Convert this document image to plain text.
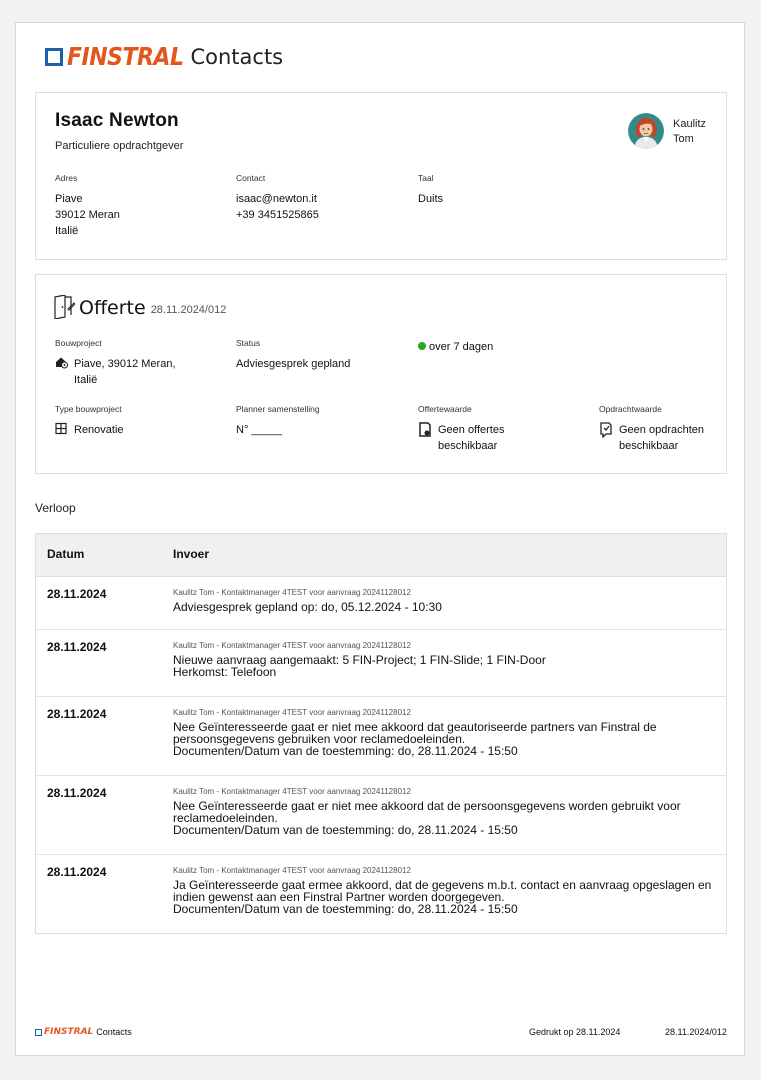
FINSTRAL Contacts
Isaac Newton
Particuliere opdrachtgever
Kaulitz
Tom
Adres
Piave
39012 Meran
Italiё
Contact
isaac@newton.it
+39 3451525865
Taal
Duits
Offerte 28.11.2024/012
Bouwproject
Piave, 39012 Meran,
Italiё
Status
Adviesgesprek gepland
over 7 dagen
Type bouwproject
Renovatie
Planner samenstelling
N° _____
Offertewaarde
Geen offertes
beschikbaar
Opdrachtwaarde
Geen opdrachten
beschikbaar
Verloop
Datum	Invoer
28.11.2024	Kaulitz Tom - Kontaktmanager 4TEST voor aanvraag 20241128012
Adviesgesprek gepland op: do, 05.12.2024 - 10:30
28.11.2024	Kaulitz Tom - Kontaktmanager 4TEST voor aanvraag 20241128012
Nieuwe aanvraag aangemaakt: 5 FIN-Project; 1 FIN-Slide; 1 FIN-Door
Herkomst: Telefoon
28.11.2024	Kaulitz Tom - Kontaktmanager 4TEST voor aanvraag 20241128012
Nee Geïnteresseerde gaat er niet mee akkoord dat geautoriseerde partners van Finstral de persoonsgegevens gebruiken voor reclamedoeleinden.
Documenten/Datum van de toestemming: do, 28.11.2024 - 15:50
28.11.2024	Kaulitz Tom - Kontaktmanager 4TEST voor aanvraag 20241128012
Nee Geïnteresseerde gaat er niet mee akkoord dat de persoonsgegevens worden gebruikt voor reclamedoeleinden.
Documenten/Datum van de toestemming: do, 28.11.2024 - 15:50
28.11.2024	Kaulitz Tom - Kontaktmanager 4TEST voor aanvraag 20241128012
Ja Geïnteresseerde gaat ermee akkoord, dat de gegevens m.b.t. contact en aanvraag opgeslagen en indien gewenst aan een Finstral Partner worden doorgegeven.
Documenten/Datum van de toestemming: do, 28.11.2024 - 15:50
FINSTRAL Contacts	Gedrukt op 28.11.2024	28.11.2024/012
